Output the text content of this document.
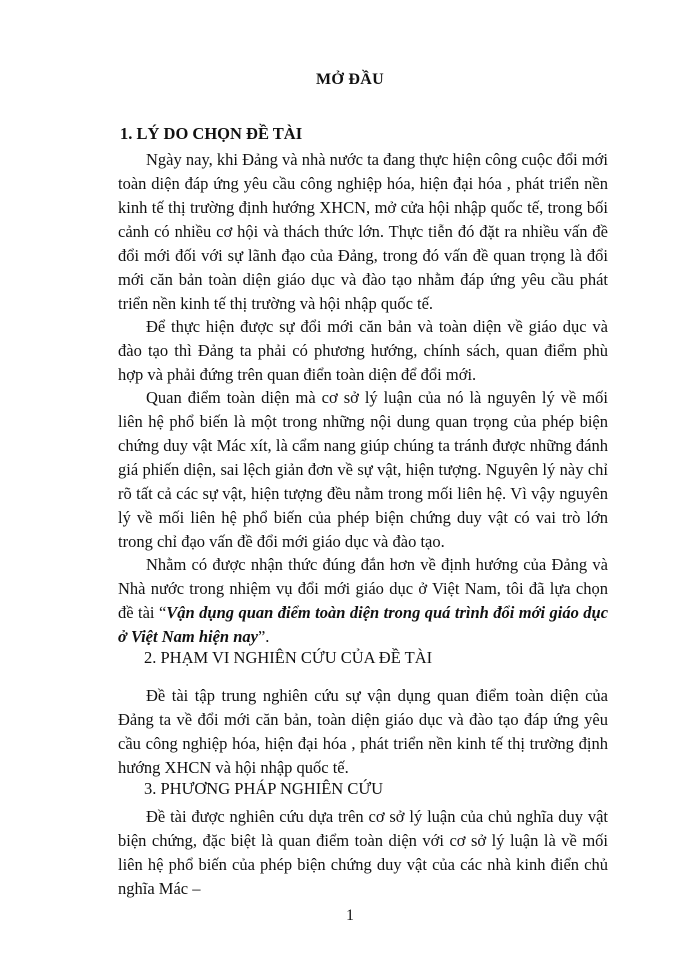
MỞ ĐẦU
1. LÝ DO CHỌN ĐỀ TÀI

Ngày nay, khi Đảng và nhà nước ta đang thực hiện công cuộc đổi mới toàn diện đáp ứng yêu cầu công nghiệp hóa, hiện đại hóa , phát triển nền kinh tế thị trường định hướng XHCN, mở cửa hội nhập quốc tế, trong bối cảnh có nhiều cơ hội và thách thức lớn. Thực tiễn đó đặt ra nhiều vấn đề đổi mới đối với sự lãnh đạo của Đảng, trong đó vấn đề quan trọng là đổi mới căn bản toàn diện giáo dục và đào tạo nhằm đáp ứng yêu cầu phát triển nền kinh tế thị trường và hội nhập quốc tế.

Để thực hiện được sự đổi mới căn bản và toàn diện về giáo dục và đào tạo thì Đảng ta phải có phương hướng, chính sách, quan điểm phù hợp và phải đứng trên quan điển toàn diện để đổi mới.

Quan điểm toàn diện mà cơ sở lý luận của nó là nguyên lý về mối liên hệ phổ biến là một trong những nội dung quan trọng của phép biện chứng duy vật Mác xít, là cẩm nang giúp chúng ta tránh được những đánh giá phiến diện, sai lệch giản đơn về sự vật, hiện tượng. Nguyên lý này chỉ rõ tất cả các sự vật, hiện tượng đều nằm trong mối liên hệ. Vì vậy nguyên lý về mối liên hệ phổ biến của phép biện chứng duy vật có vai trò lớn trong chỉ đạo vấn đề đổi mới giáo dục và đào tạo.

Nhằm có được nhận thức đúng đắn hơn về định hướng của Đảng và Nhà nước trong nhiệm vụ đổi mới giáo dục ở Việt Nam, tôi đã lựa chọn đề tài “Vận dụng quan điểm toàn diện trong quá trình đổi mới giáo dục ở Việt Nam hiện nay”.

2. PHẠM VI NGHIÊN CỨU CỦA ĐỀ TÀI

Đề tài tập trung nghiên cứu sự vận dụng quan điểm toàn diện của Đảng ta về đổi mới căn bản, toàn diện giáo dục và đào tạo đáp ứng yêu cầu công nghiệp hóa, hiện đại hóa , phát triển nền kinh tế thị trường định hướng XHCN và hội nhập quốc tế.

3. PHƯƠNG PHÁP NGHIÊN CỨU

Đề tài được nghiên cứu dựa trên cơ sở lý luận của chủ nghĩa duy vật biện chứng, đặc biệt là quan điểm toàn diện với cơ sở lý luận là về mối liên hệ phổ biến của phép biện chứng duy vật của các nhà kinh điển chủ nghĩa Mác –

1
